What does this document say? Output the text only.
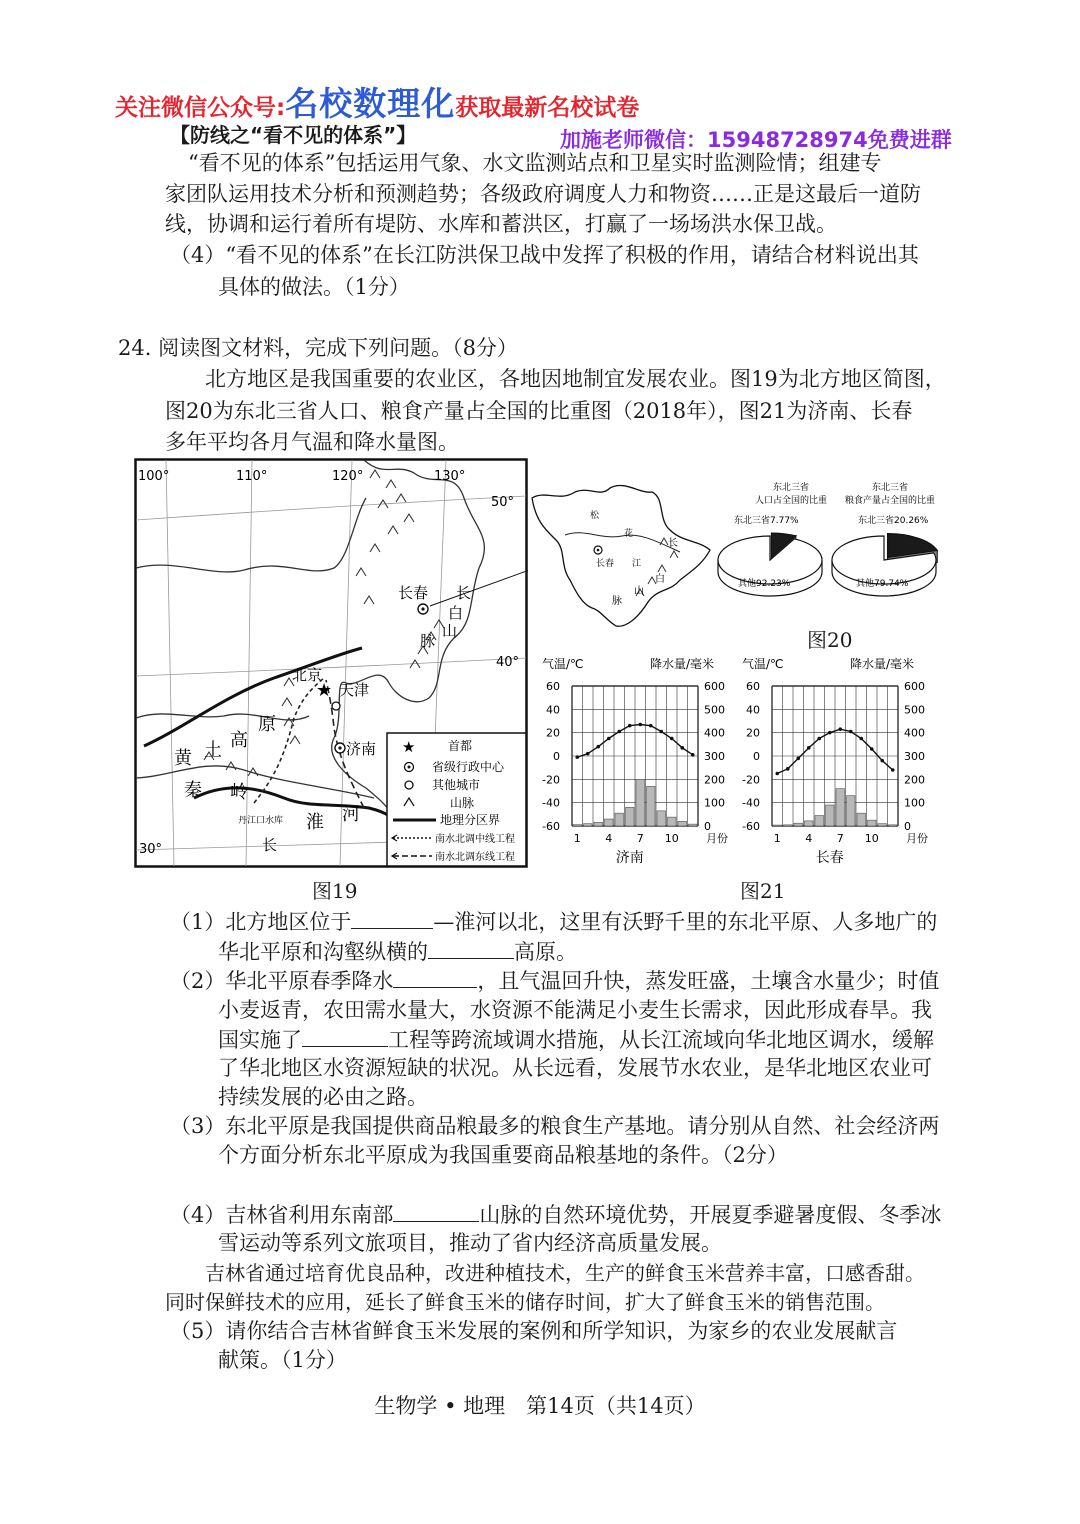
关注微信公众号:名校数理化获取最新名校试卷
加施老师微信：15948728974免费进群
【防线之“看不见的体系”】
“看不见的体系”包括运用气象、水文监测站点和卫星实时监测险情；组建专
家团队运用技术分析和预测趋势；各级政府调度人力和物资……正是这最后一道防
线，协调和运行着所有堤防、水库和蓄洪区，打赢了一场场洪水保卫战。
（4）“看不见的体系”在长江防洪保卫战中发挥了积极的作用，请结合材料说出其
具体的做法。（1分）
24. 阅读图文材料，完成下列问题。（8分）
北方地区是我国重要的农业区，各地因地制宜发展农业。图19为北方地区简图，
图20为东北三省人口、粮食产量占全国的比重图（2018年），图21为济南、长春
多年平均各月气温和降水量图。
100°	110°	120°	130°
50°
40°
30°
长春 长
白
山
脉
北京
★ 天津
济南
黄 土 高
原
秦 岭
丹江口水库 淮 河
长
★	首都
省级行政中心
其他城市
山脉
地理分区界
南水北调中线工程
南水北调东线工程
图19
松
花
江
长春
长
白
山
脉
东北三省
人口占全国的比重
东北三省7.77%
其他92.23%
东北三省
粮食产量占全国的比重
东北三省20.26%
其他79.74%
图20
气温/℃	降水量/毫米
60
40
20
0
-20
-40
-60
600
500
400
300
200
100
0
1 4 7 10 月份
济南
气温/℃	降水量/毫米
60
40
20
0
-20
-40
-60
600
500
400
300
200
100
0
1 4 7 10 月份
长春
图21
（1）北方地区位于	—淮河以北，这里有沃野千里的东北平原、人多地广的
华北平原和沟壑纵横的	高原。
（2）华北平原春季降水	，且气温回升快，蒸发旺盛，土壤含水量少；时值
小麦返青，农田需水量大，水资源不能满足小麦生长需求，因此形成春旱。我
国实施了	工程等跨流域调水措施，从长江流域向华北地区调水，缓解
了华北地区水资源短缺的状况。从长远看，发展节水农业，是华北地区农业可
持续发展的必由之路。
（3）东北平原是我国提供商品粮最多的粮食生产基地。请分别从自然、社会经济两
个方面分析东北平原成为我国重要商品粮基地的条件。（2分）
（4）吉林省利用东南部	山脉的自然环境优势，开展夏季避暑度假、冬季冰
雪运动等系列文旅项目，推动了省内经济高质量发展。
吉林省通过培育优良品种，改进种植技术，生产的鲜食玉米营养丰富，口感香甜。
同时保鲜技术的应用，延长了鲜食玉米的储存时间，扩大了鲜食玉米的销售范围。
（5）请你结合吉林省鲜食玉米发展的案例和所学知识，为家乡的农业发展献言
献策。（1分）
生物学 • 地理　第14页（共14页）
